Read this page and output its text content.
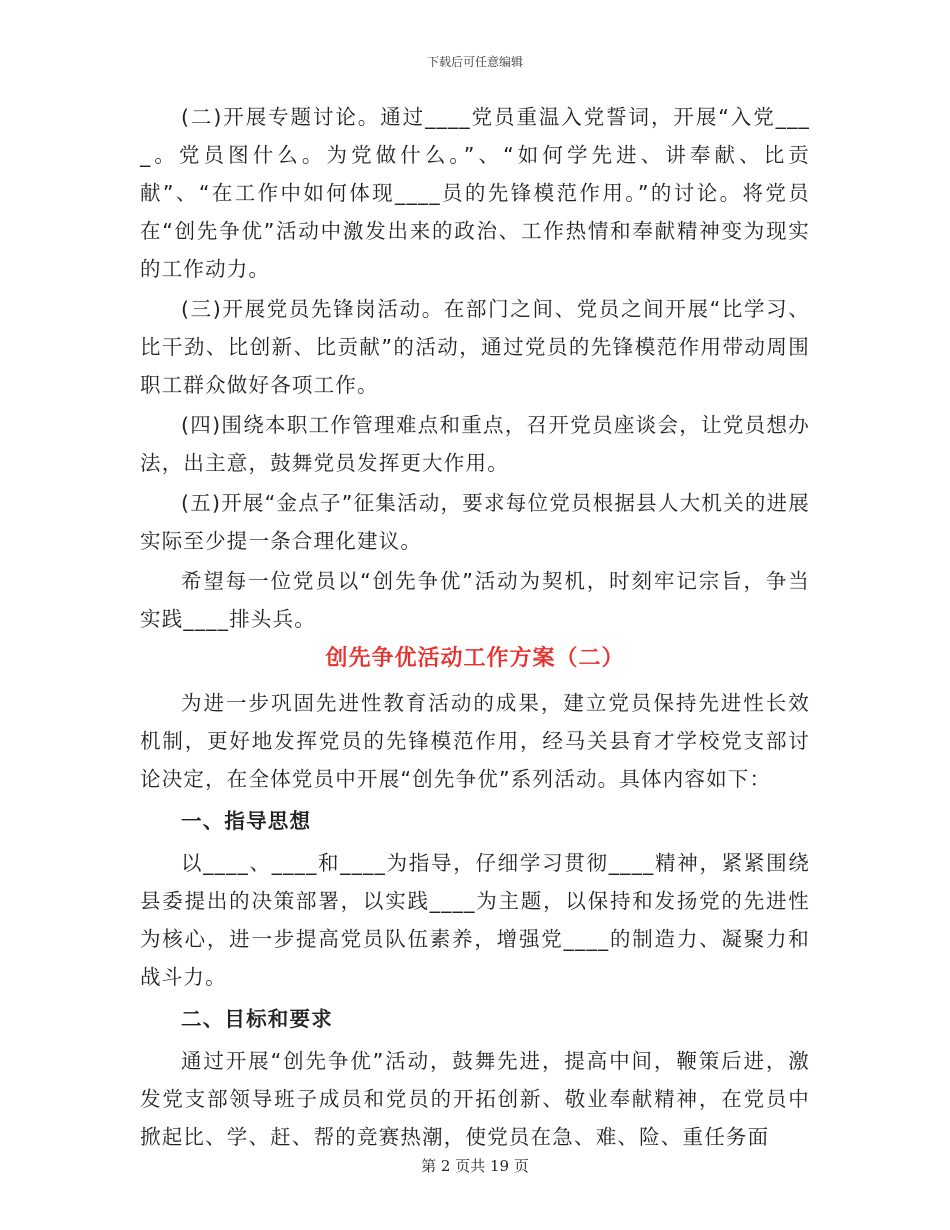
下载后可任意编辑

(二)开展专题讨论。通过____党员重温入党誓词，开展“入党____。党员图什么。为党做什么。”、“如何学先进、讲奉献、比贡献”、“在工作中如何体现____员的先锋模范作用。”的讨论。将党员在“创先争优”活动中激发出来的政治、工作热情和奉献精神变为现实的工作动力。

(三)开展党员先锋岗活动。在部门之间、党员之间开展“比学习、比干劲、比创新、比贡献”的活动，通过党员的先锋模范作用带动周围职工群众做好各项工作。

(四)围绕本职工作管理难点和重点，召开党员座谈会，让党员想办法，出主意，鼓舞党员发挥更大作用。

(五)开展“金点子”征集活动，要求每位党员根据县人大机关的进展实际至少提一条合理化建议。

希望每一位党员以“创先争优”活动为契机，时刻牢记宗旨，争当实践____排头兵。

创先争优活动工作方案（二）

为进一步巩固先进性教育活动的成果，建立党员保持先进性长效机制，更好地发挥党员的先锋模范作用，经马关县育才学校党支部讨论决定，在全体党员中开展“创先争优”系列活动。具体内容如下：

一、指导思想

以____、____和____为指导，仔细学习贯彻____精神，紧紧围绕县委提出的决策部署，以实践____为主题，以保持和发扬党的先进性为核心，进一步提高党员队伍素养，增强党____的制造力、凝聚力和战斗力。

二、目标和要求

通过开展“创先争优”活动，鼓舞先进，提高中间，鞭策后进，激发党支部领导班子成员和党员的开拓创新、敬业奉献精神，在党员中掀起比、学、赶、帮的竞赛热潮，使党员在急、难、险、重任务面

第 2 页共 19 页
